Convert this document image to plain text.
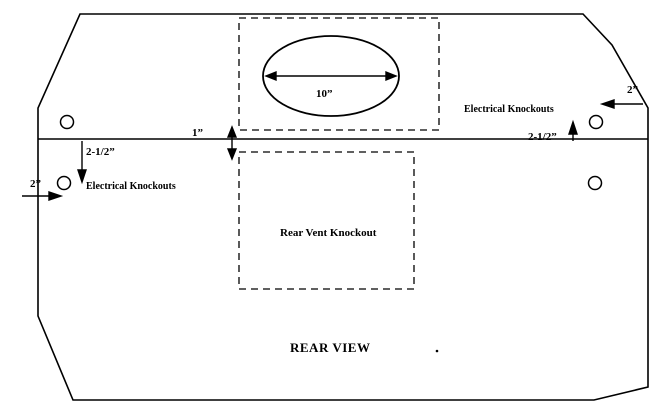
10”
Rear Vent Knockout
Electrical Knockouts
Electrical Knockouts
1”
2”
2”
2-1/2”
2-1/2”
REAR VIEW
